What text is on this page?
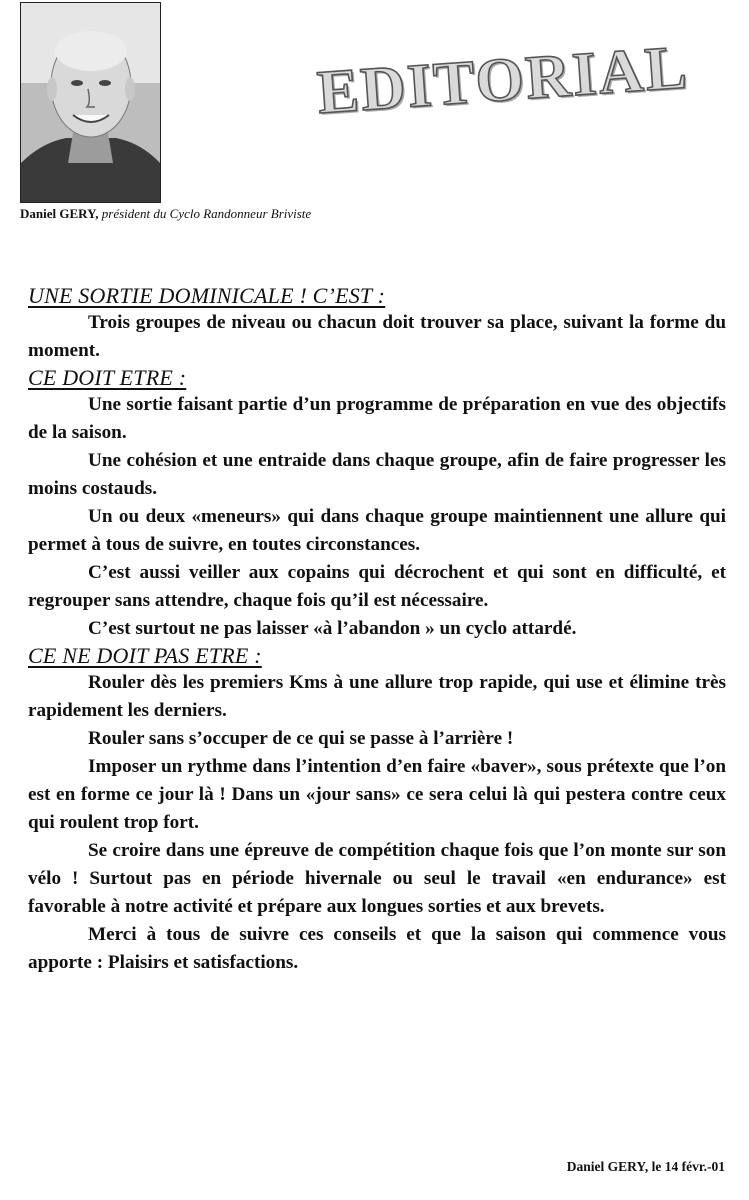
Daniel GERY, président du Cyclo Randonneur Briviste
EDITORIAL
UNE SORTIE DOMINICALE ! C’EST :

Trois groupes de niveau ou chacun doit trouver sa place, suivant la forme du moment.

CE DOIT ETRE :

Une sortie faisant partie d’un programme de préparation en vue des objectifs de la saison.

Une cohésion et une entraide dans chaque groupe, afin de faire progresser les moins costauds.

Un ou deux «meneurs» qui dans chaque groupe maintiennent une allure qui permet à tous de suivre, en toutes circonstances.

C’est aussi veiller aux copains qui décrochent et qui sont en difficulté, et regrouper sans attendre, chaque fois qu’il est nécessaire.

C’est surtout ne pas laisser «à l’abandon » un cyclo attardé.

CE NE DOIT PAS ETRE :

Rouler dès les premiers Kms à une allure trop rapide, qui use et élimine très rapidement les derniers.

Rouler sans s’occuper de ce qui se passe à l’arrière !

Imposer un rythme dans l’intention d’en faire «baver», sous prétexte que l’on est en forme ce jour là ! Dans un «jour sans» ce sera celui là qui pestera contre ceux qui roulent trop fort.

Se croire dans une épreuve de compétition chaque fois que l’on monte sur son vélo ! Surtout pas en période hivernale ou seul le travail «en endurance» est favorable à notre activité et prépare aux longues sorties et aux brevets.

Merci à tous de suivre ces conseils et que la saison qui commence vous apporte : Plaisirs et satisfactions.

Daniel GERY, le 14 févr.-01
